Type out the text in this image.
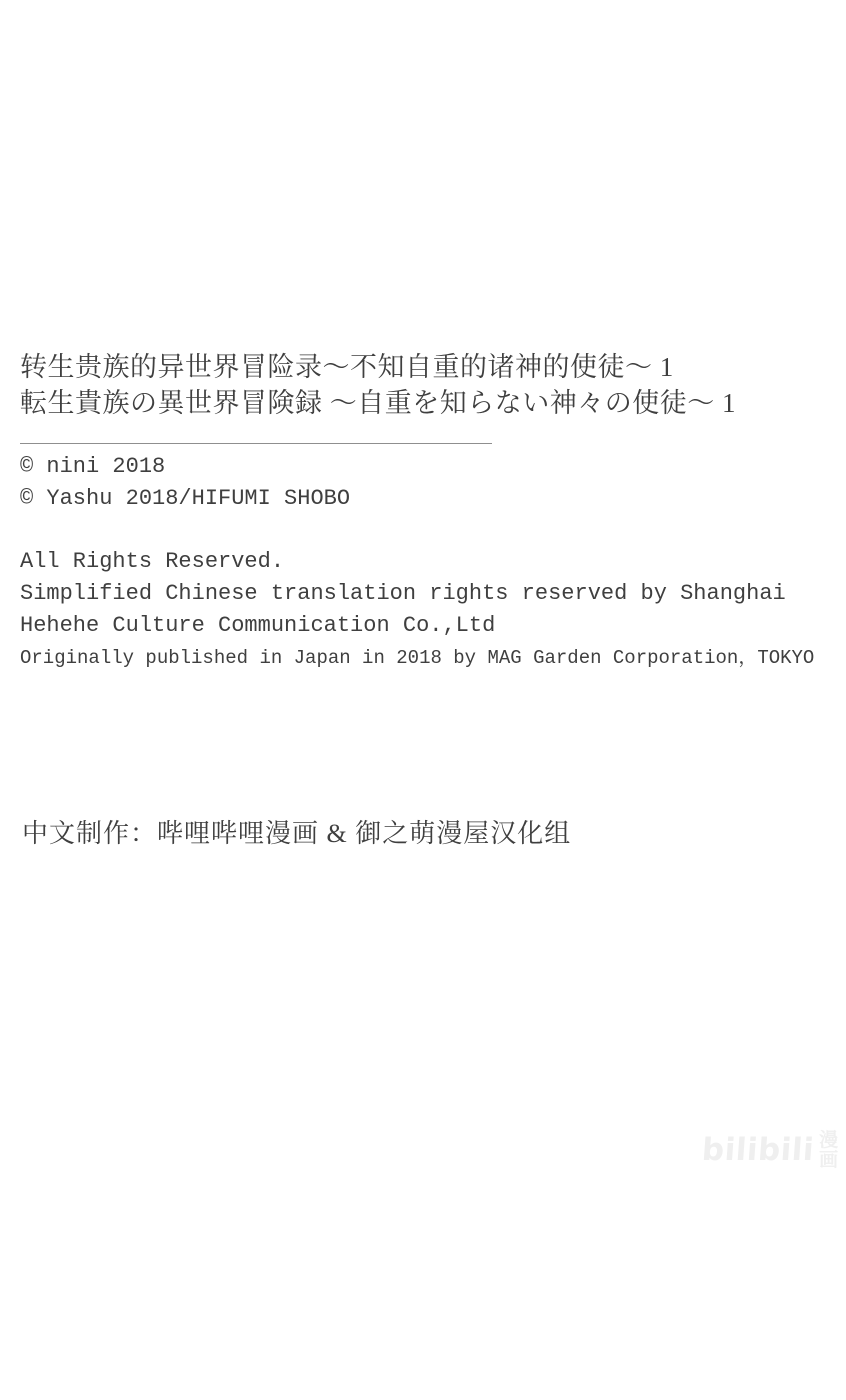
转生贵族的异世界冒险录～不知自重的诸神的使徒～ 1
転生貴族の異世界冒険録 ～自重を知らない神々の使徒～ 1
© nini 2018
© Yashu 2018/HIFUMI SHOBO
All Rights Reserved.
Simplified Chinese translation rights reserved by Shanghai
Hehehe Culture Communication Co.,Ltd
Originally published in Japan in 2018 by MAG Garden Corporation，TOKYO
中文制作：哔哩哔哩漫画 & 御之萌漫屋汉化组
bilibili 漫
画
